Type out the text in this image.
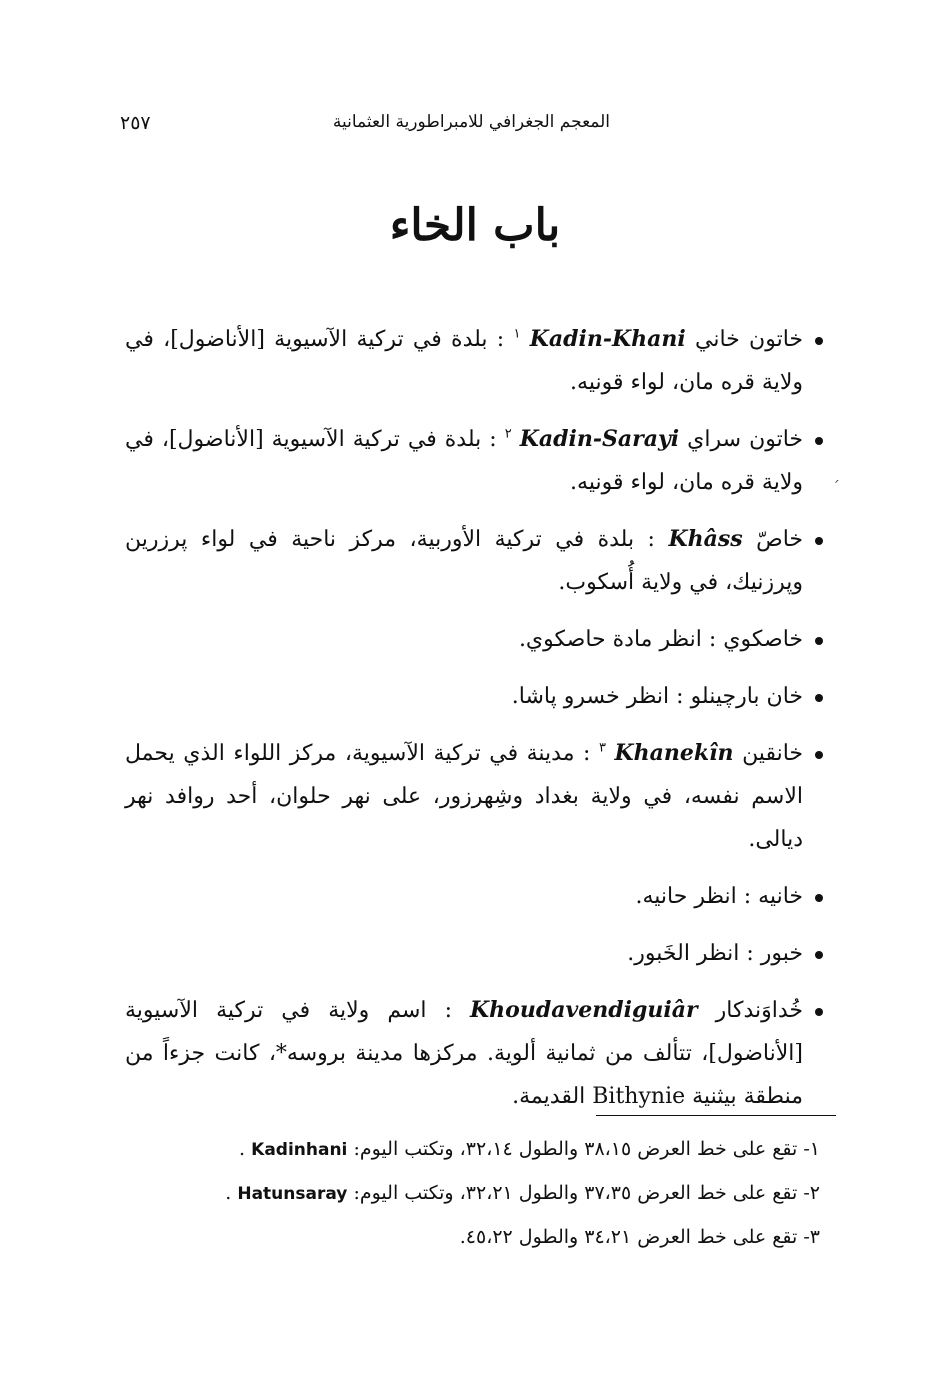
المعجم الجغرافي للامبراطورية العثمانية
٢٥٧
باب الخاء
خاتون خاني Kadin-Khani $^١$ : بلدة في تركية الآسيوية [الأناضول]، في ولاية قره مان، لواء قونيه.
خاتون سراي Kadin-Sarayi $^٢$ : بلدة في تركية الآسيوية [الأناضول]، في ولاية قره مان، لواء قونيه.
خاصّ Khâss : بلدة في تركية الأوربية، مركز ناحية في لواء پرزرين وپرزنيك، في ولاية أُسكوب.
خاصكوي : انظر مادة حاصكوي.
خان بارچينلو : انظر خسرو پاشا.
خانقين Khanekîn $^٣$ : مدينة في تركية الآسيوية، مركز اللواء الذي يحمل الاسم نفسه، في ولاية بغداد وشِهرزور، على نهر حلوان، أحد روافد نهر ديالى.
خانيه : انظر حانيه.
خبور : انظر الخَبور.
خُداوَندكار Khoudavendiguiâr : اسم ولاية في تركية الآسيوية [الأناضول]، تتألف من ثمانية ألوية. مركزها مدينة بروسه*، كانت جزءاً من منطقة بيثنية Bithynie القديمة.
´
١- تقع على خط العرض ٣٨،١٥ والطول ٣٢،١٤، وتكتب اليوم: Kadinhani .
٢- تقع على خط العرض ٣٧،٣٥ والطول ٣٢،٢١، وتكتب اليوم: Hatunsaray .
٣- تقع على خط العرض ٣٤،٢١ والطول ٤٥،٢٢.
